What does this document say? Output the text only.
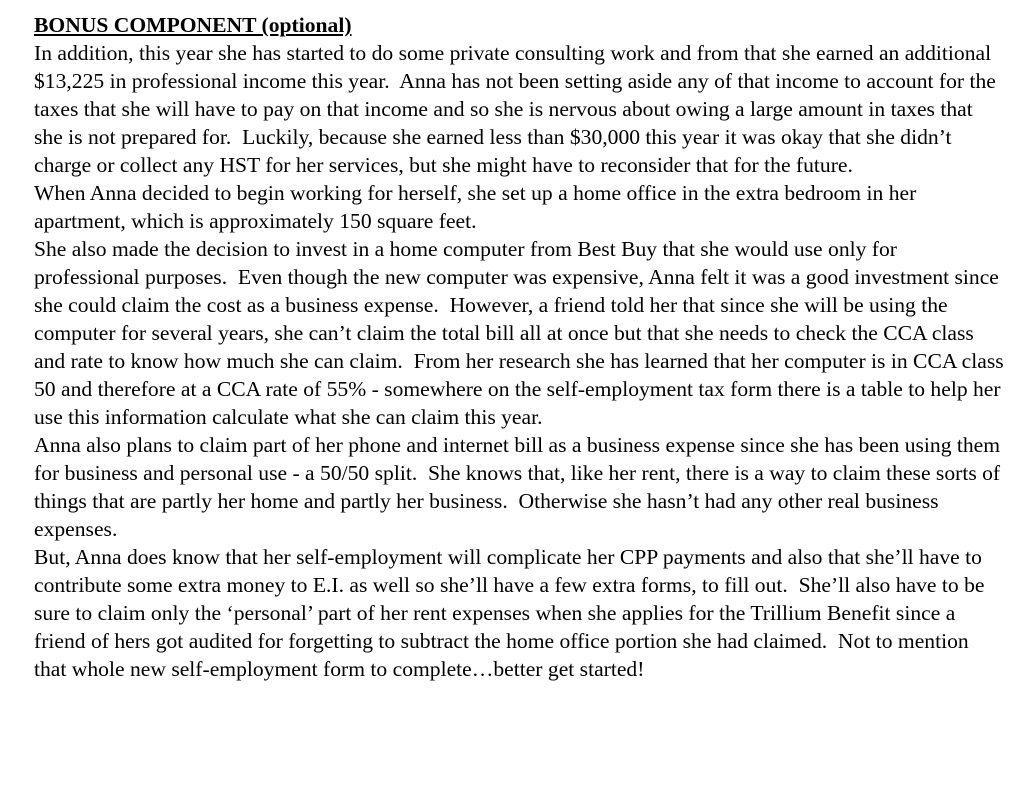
BONUS COMPONENT (optional)

In addition, this year she has started to do some private consulting work and from that she earned an additional $13,225 in professional income this year.  Anna has not been setting aside any of that income to account for the taxes that she will have to pay on that income and so she is nervous about owing a large amount in taxes that she is not prepared for.  Luckily, because she earned less than $30,000 this year it was okay that she didn’t charge or collect any HST for her services, but she might have to reconsider that for the future.

When Anna decided to begin working for herself, she set up a home office in the extra bedroom in her apartment, which is approximately 150 square feet.

She also made the decision to invest in a home computer from Best Buy that she would use only for professional purposes.  Even though the new computer was expensive, Anna felt it was a good investment since she could claim the cost as a business expense.  However, a friend told her that since she will be using the computer for several years, she can’t claim the total bill all at once but that she needs to check the CCA class and rate to know how much she can claim.  From her research she has learned that her computer is in CCA class 50 and therefore at a CCA rate of 55% - somewhere on the self-employment tax form there is a table to help her use this information calculate what she can claim this year.

Anna also plans to claim part of her phone and internet bill as a business expense since she has been using them for business and personal use - a 50/50 split.  She knows that, like her rent, there is a way to claim these sorts of things that are partly her home and partly her business.  Otherwise she hasn’t had any other real business expenses.

But, Anna does know that her self-employment will complicate her CPP payments and also that she’ll have to contribute some extra money to E.I. as well so she’ll have a few extra forms, to fill out.  She’ll also have to be sure to claim only the ‘personal’ part of her rent expenses when she applies for the Trillium Benefit since a friend of hers got audited for forgetting to subtract the home office portion she had claimed.  Not to mention that whole new self-employment form to complete…better get started!
